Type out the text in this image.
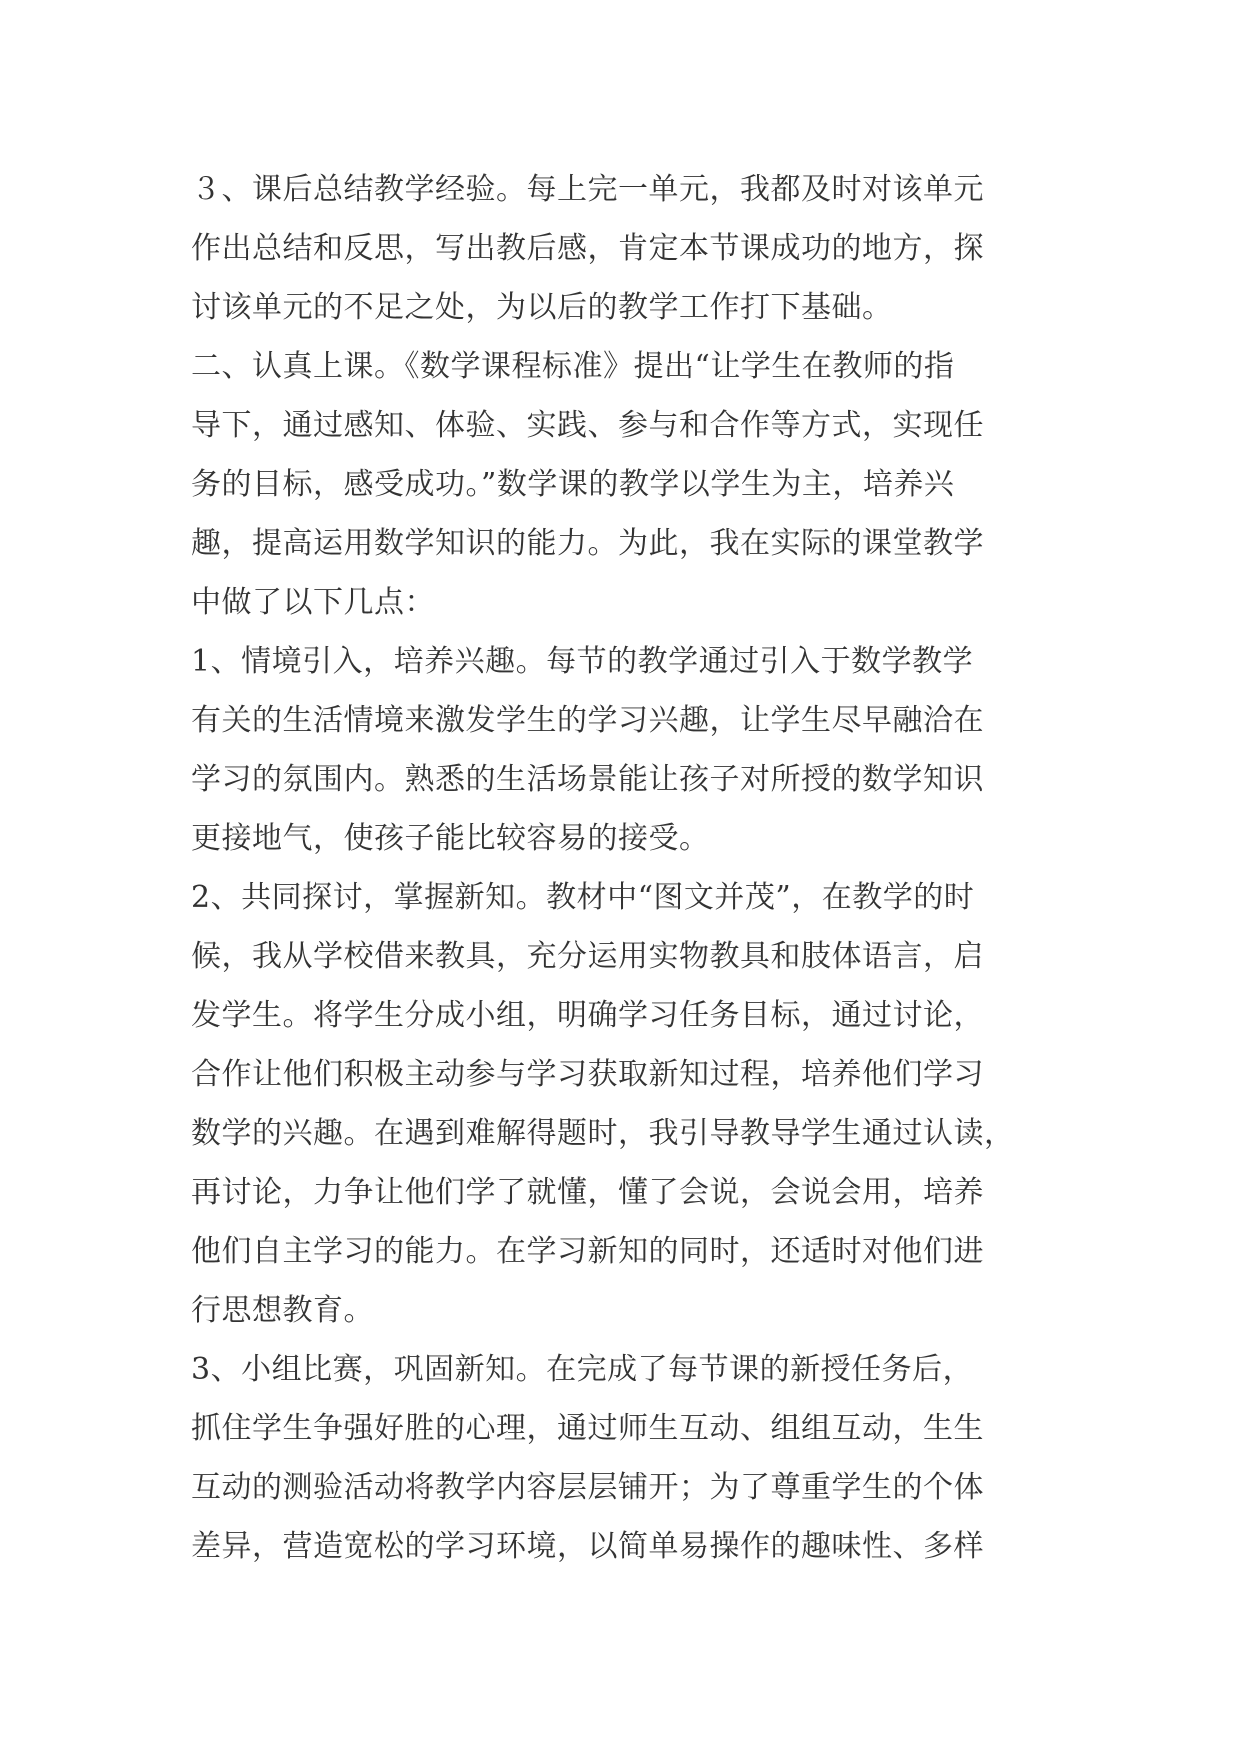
３、课后总结教学经验。每上完一单元，我都及时对该单元
作出总结和反思，写出教后感，肯定本节课成功的地方，探
讨该单元的不足之处，为以后的教学工作打下基础。
二、认真上课。《数学课程标准》提出“让学生在教师的指
导下，通过感知、体验、实践、参与和合作等方式，实现任
务的目标，感受成功。”数学课的教学以学生为主，培养兴
趣，提高运用数学知识的能力。为此，我在实际的课堂教学
中做了以下几点：
1、情境引入，培养兴趣。每节的教学通过引入于数学教学
有关的生活情境来激发学生的学习兴趣，让学生尽早融洽在
学习的氛围内。熟悉的生活场景能让孩子对所授的数学知识
更接地气，使孩子能比较容易的接受。
2、共同探讨，掌握新知。教材中“图文并茂”，在教学的时
候，我从学校借来教具，充分运用实物教具和肢体语言，启
发学生。将学生分成小组，明确学习任务目标，通过讨论，
合作让他们积极主动参与学习获取新知过程，培养他们学习
数学的兴趣。在遇到难解得题时，我引导教导学生通过认读，
再讨论，力争让他们学了就懂，懂了会说，会说会用，培养
他们自主学习的能力。在学习新知的同时，还适时对他们进
行思想教育。
3、小组比赛，巩固新知。在完成了每节课的新授任务后，
抓住学生争强好胜的心理，通过师生互动、组组互动，生生
互动的测验活动将教学内容层层铺开；为了尊重学生的个体
差异，营造宽松的学习环境，以简单易操作的趣味性、多样
